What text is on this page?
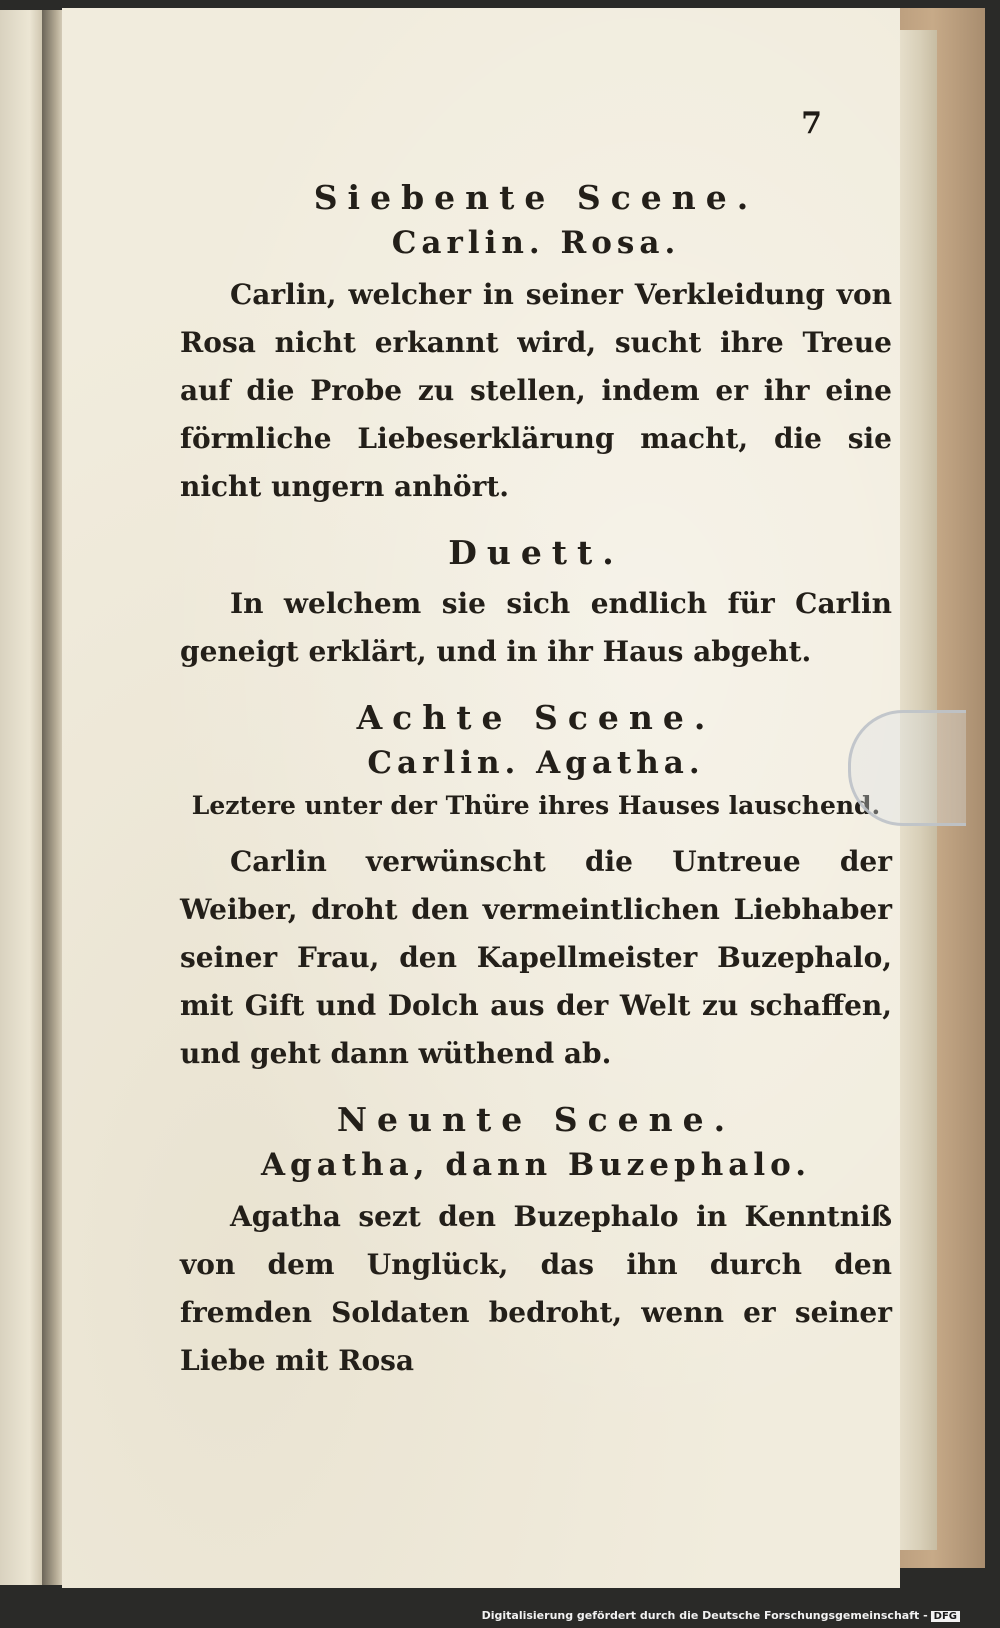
7
Siebente Scene.
Carlin. Rosa.

Carlin, welcher in seiner Verkleidung von Rosa nicht erkannt wird, sucht ihre Treue auf die Probe zu stellen, indem er ihr eine förmliche Liebeserklärung macht, die sie nicht ungern anhört.

Duett.

In welchem sie sich endlich für Carlin geneigt erklärt, und in ihr Haus abgeht.

Achte Scene.
Carlin. Agatha.
Leztere unter der Thüre ihres Hauses lauschend.

Carlin verwünscht die Untreue der Weiber, droht den vermeintlichen Liebhaber seiner Frau, den Kapellmeister Buzephalo, mit Gift und Dolch aus der Welt zu schaffen, und geht dann wüthend ab.

Neunte Scene.
Agatha, dann Buzephalo.

Agatha sezt den Buzephalo in Kenntniß von dem Unglück, das ihn durch den fremden Soldaten bedroht, wenn er seiner Liebe mit Rosa

Digitalisierung gefördert durch die Deutsche Forschungsgemeinschaft - DFG
